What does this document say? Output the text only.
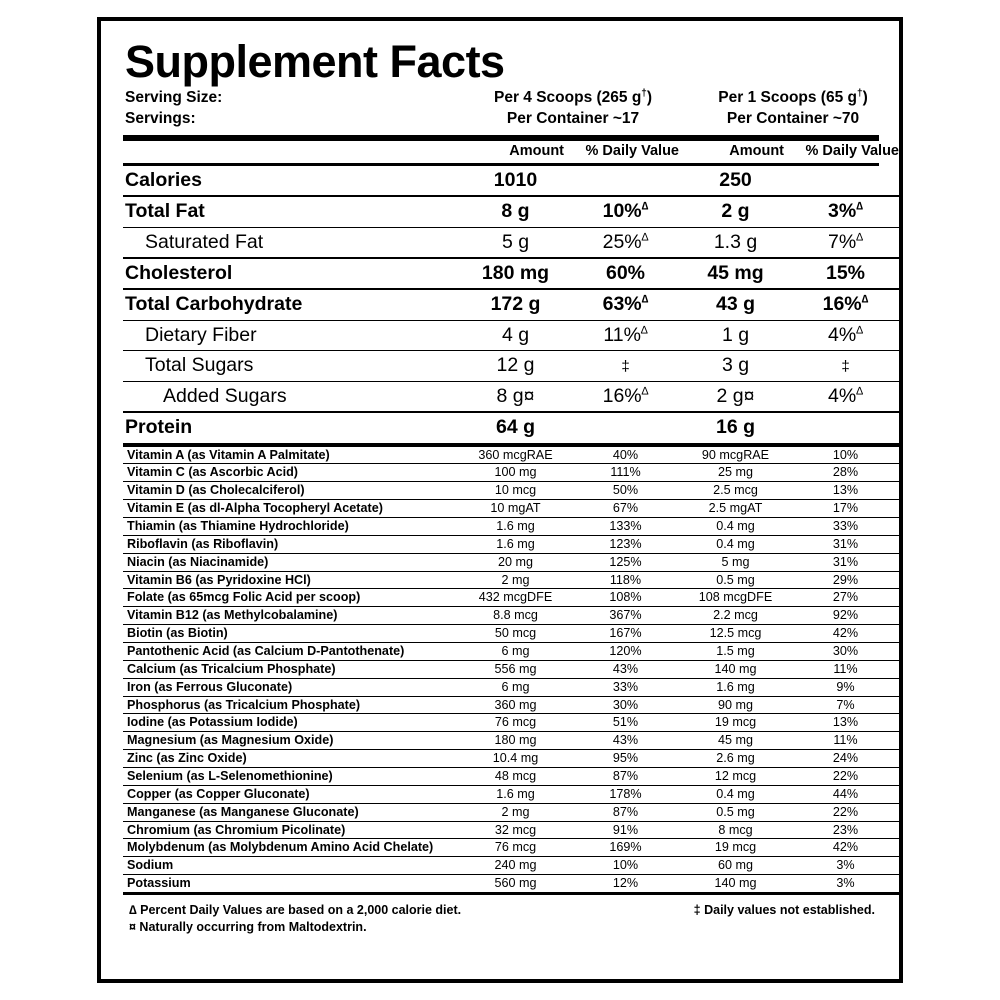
Supplement Facts
Serving Size:	Per 4 Scoops (265 g†)	Per 1 Scoops (65 g†)
Servings:	Per Container ~17	Per Container ~70
	Amount	% Daily Value	Amount	% Daily Value
Calories	1010		250	
Total Fat	8 g	10%∆	2 g	3%∆
Saturated Fat	5 g	25%∆	1.3 g	7%∆
Cholesterol	180 mg	60%	45 mg	15%
Total Carbohydrate	172 g	63%∆	43 g	16%∆
Dietary Fiber	4 g	11%∆	1 g	4%∆
Total Sugars	12 g	‡	3 g	‡
Added Sugars	8 g¤	16%∆	2 g¤	4%∆
Protein	64 g		16 g	
Vitamin A (as Vitamin A Palmitate)	360 mcgRAE	40%	90 mcgRAE	10%
Vitamin C (as Ascorbic Acid)	100 mg	111%	25 mg	28%
Vitamin D (as Cholecalciferol)	10 mcg	50%	2.5 mcg	13%
Vitamin E (as dl-Alpha Tocopheryl Acetate)	10 mgAT	67%	2.5 mgAT	17%
Thiamin (as Thiamine Hydrochloride)	1.6 mg	133%	0.4 mg	33%
Riboflavin (as Riboflavin)	1.6 mg	123%	0.4 mg	31%
Niacin (as Niacinamide)	20 mg	125%	5 mg	31%
Vitamin B6 (as Pyridoxine HCl)	2 mg	118%	0.5 mg	29%
Folate (as 65mcg Folic Acid per scoop)	432 mcgDFE	108%	108 mcgDFE	27%
Vitamin B12 (as Methylcobalamine)	8.8 mcg	367%	2.2 mcg	92%
Biotin (as Biotin)	50 mcg	167%	12.5 mcg	42%
Pantothenic Acid (as Calcium D-Pantothenate)	6 mg	120%	1.5 mg	30%
Calcium (as Tricalcium Phosphate)	556 mg	43%	140 mg	11%
Iron (as Ferrous Gluconate)	6 mg	33%	1.6 mg	9%
Phosphorus (as Tricalcium Phosphate)	360 mg	30%	90 mg	7%
Iodine (as Potassium Iodide)	76 mcg	51%	19 mcg	13%
Magnesium (as Magnesium Oxide)	180 mg	43%	45 mg	11%
Zinc (as Zinc Oxide)	10.4 mg	95%	2.6 mg	24%
Selenium (as L-Selenomethionine)	48 mcg	87%	12 mcg	22%
Copper (as Copper Gluconate)	1.6 mg	178%	0.4 mg	44%
Manganese (as Manganese Gluconate)	2 mg	87%	0.5 mg	22%
Chromium (as Chromium Picolinate)	32 mcg	91%	8 mcg	23%
Molybdenum (as Molybdenum Amino Acid Chelate)	76 mcg	169%	19 mcg	42%
Sodium	240 mg	10%	60 mg	3%
Potassium	560 mg	12%	140 mg	3%
∆ Percent Daily Values are based on a 2,000 calorie diet.
¤ Naturally occurring from Maltodextrin.
‡ Daily values not established.
